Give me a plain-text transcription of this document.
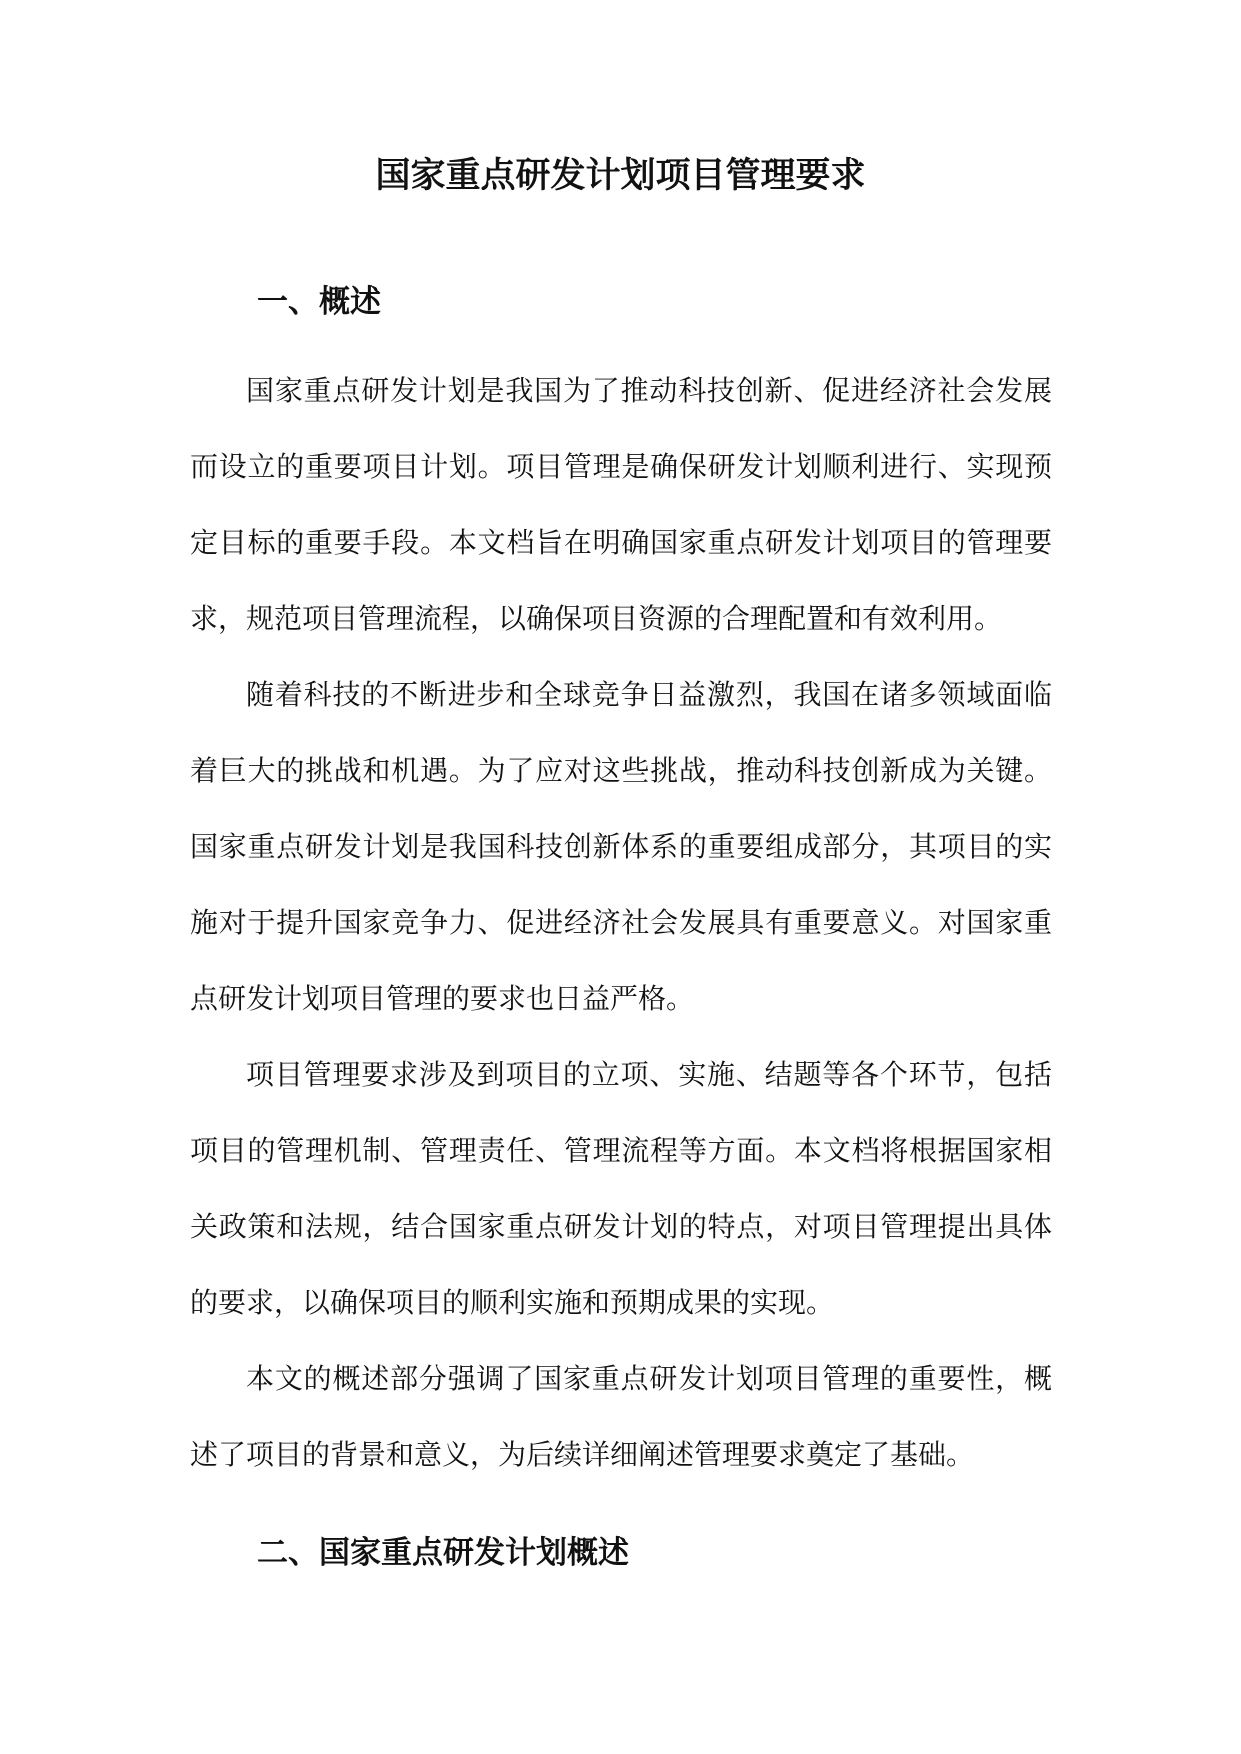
国家重点研发计划项目管理要求
一、概述

国家重点研发计划是我国为了推动科技创新、促进经济社会发展而设立的重要项目计划。项目管理是确保研发计划顺利进行、实现预定目标的重要手段。本文档旨在明确国家重点研发计划项目的管理要求，规范项目管理流程，以确保项目资源的合理配置和有效利用。

随着科技的不断进步和全球竞争日益激烈，我国在诸多领域面临着巨大的挑战和机遇。为了应对这些挑战，推动科技创新成为关键。国家重点研发计划是我国科技创新体系的重要组成部分，其项目的实施对于提升国家竞争力、促进经济社会发展具有重要意义。对国家重点研发计划项目管理的要求也日益严格。

项目管理要求涉及到项目的立项、实施、结题等各个环节，包括项目的管理机制、管理责任、管理流程等方面。本文档将根据国家相关政策和法规，结合国家重点研发计划的特点，对项目管理提出具体的要求，以确保项目的顺利实施和预期成果的实现。

本文的概述部分强调了国家重点研发计划项目管理的重要性，概述了项目的背景和意义，为后续详细阐述管理要求奠定了基础。

二、国家重点研发计划概述
